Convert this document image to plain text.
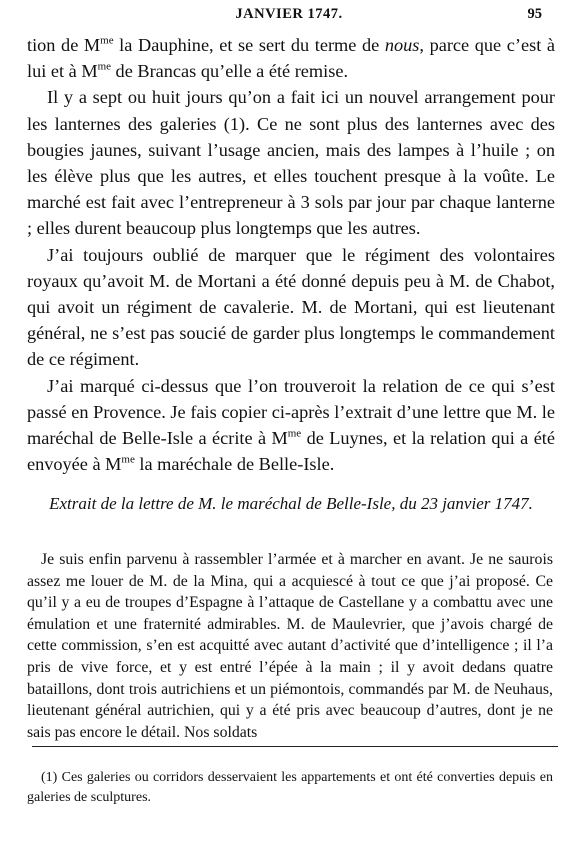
JANVIER 1747.	95

tion de $M^{me}$ la Dauphine, et se sert du terme de nous, parce que c’est à lui et à $M^{me}$ de Brancas qu’elle a été remise.

Il y a sept ou huit jours qu’on a fait ici un nouvel arrangement pour les lanternes des galeries (1). Ce ne sont plus des lanternes avec des bougies jaunes, suivant l’usage ancien, mais des lampes à l’huile ; on les élève plus que les autres, et elles touchent presque à la voûte. Le marché est fait avec l’entrepreneur à 3 sols par jour par chaque lanterne ; elles durent beaucoup plus longtemps que les autres.

J’ai toujours oublié de marquer que le régiment des volontaires royaux qu’avoit M. de Mortani a été donné depuis peu à M. de Chabot, qui avoit un régiment de cavalerie. M. de Mortani, qui est lieutenant général, ne s’est pas soucié de garder plus longtemps le commandement de ce régiment.

J’ai marqué ci-dessus que l’on trouveroit la relation de ce qui s’est passé en Provence. Je fais copier ci-après l’extrait d’une lettre que M. le maréchal de Belle-Isle a écrite à $M^{me}$ de Luynes, et la relation qui a été envoyée à $M^{me}$ la maréchale de Belle-Isle.

Extrait de la lettre de M. le maréchal de Belle-Isle, du 23 janvier 1747.

Je suis enfin parvenu à rassembler l’armée et à marcher en avant. Je ne saurois assez me louer de M. de la Mina, qui a acquiescé à tout ce que j’ai proposé. Ce qu’il y a eu de troupes d’Espagne à l’attaque de Castellane y a combattu avec une émulation et une fraternité admirables. M. de Maulevrier, que j’avois chargé de cette commission, s’en est acquitté avec autant d’activité que d’intelligence ; il l’a pris de vive force, et y est entré l’épée à la main ; il y avoit dedans quatre bataillons, dont trois autrichiens et un piémontois, commandés par M. de Neuhaus, lieutenant général autrichien, qui y a été pris avec beaucoup d’autres, dont je ne sais pas encore le détail. Nos soldats

(1) Ces galeries ou corridors desservaient les appartements et ont été converties depuis en galeries de sculptures.
